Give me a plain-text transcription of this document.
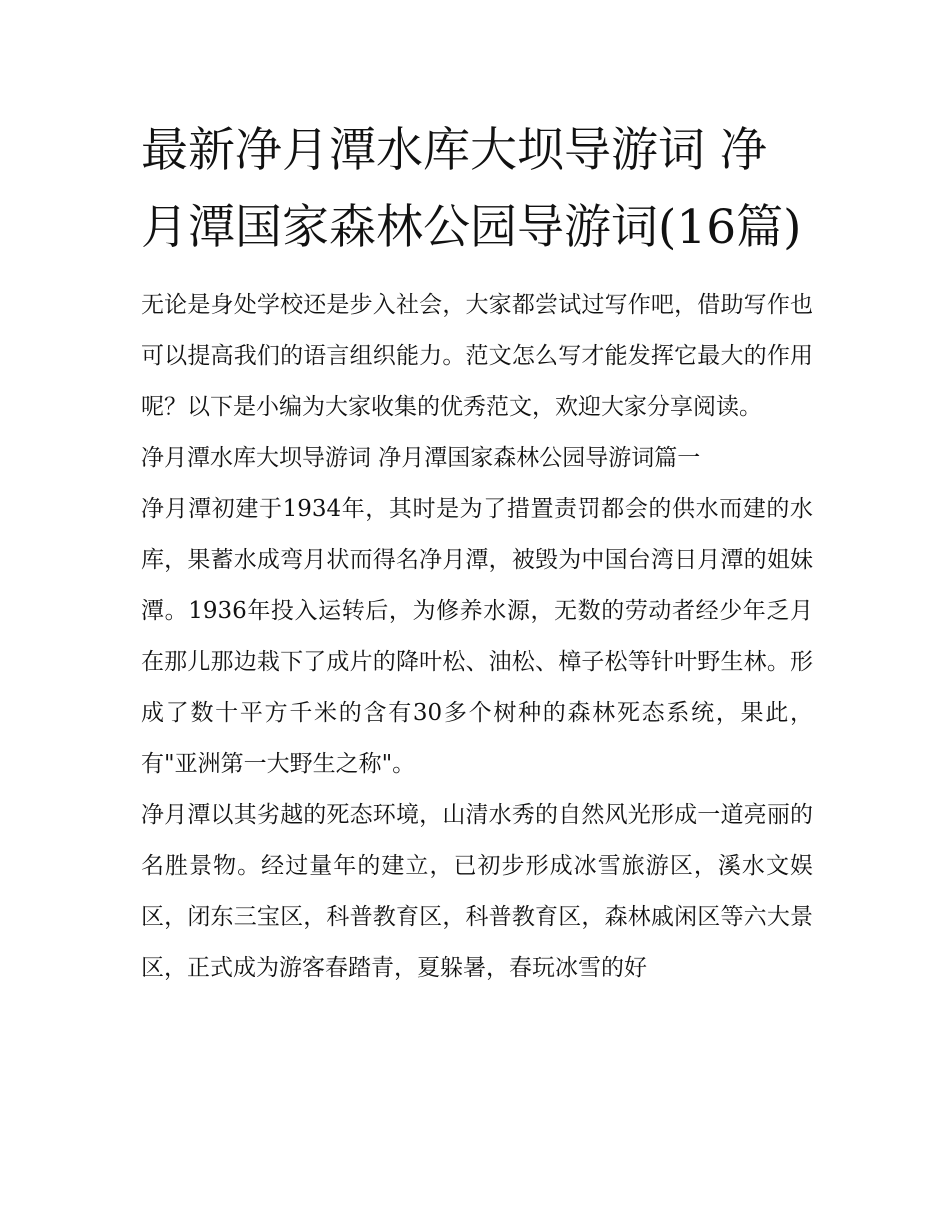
最新净月潭水库大坝导游词 净月潭国家森林公园导游词(16篇)

无论是身处学校还是步入社会，大家都尝试过写作吧，借助写作也可以提高我们的语言组织能力。范文怎么写才能发挥它最大的作用呢？以下是小编为大家收集的优秀范文，欢迎大家分享阅读。

净月潭水库大坝导游词 净月潭国家森林公园导游词篇一

净月潭初建于1934年，其时是为了措置责罚都会的供水而建的水库，果蓄水成弯月状而得名净月潭，被毁为中国台湾日月潭的姐妹潭。1936年投入运转后，为修养水源，无数的劳动者经少年乏月在那儿那边栽下了成片的降叶松、油松、樟子松等针叶野生林。形成了数十平方千米的含有30多个树种的森林死态系统，果此，有"亚洲第一大野生之称"。

净月潭以其劣越的死态环境，山清水秀的自然风光形成一道亮丽的名胜景物。经过量年的建立，已初步形成冰雪旅游区，溪水文娱区，闭东三宝区，科普教育区，科普教育区，森林戚闲区等六大景区，正式成为游客春踏青，夏躲暑，春玩冰雪的好
